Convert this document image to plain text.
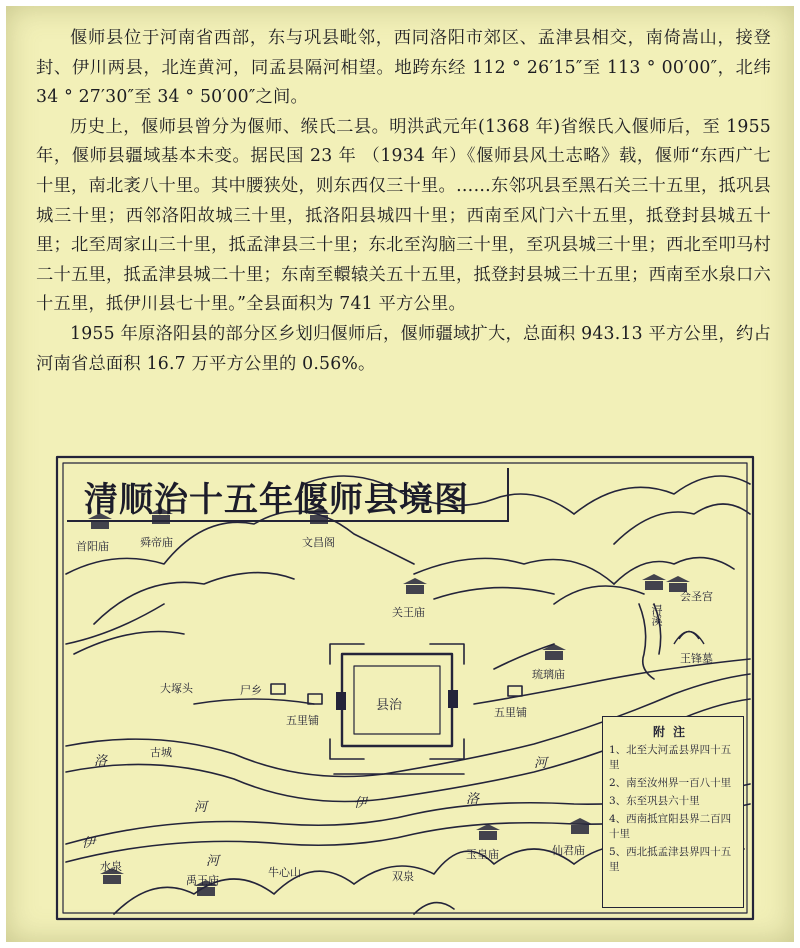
偃师县位于河南省西部，东与巩县毗邻，西同洛阳市郊区、孟津县相交，南倚嵩山，接登封、伊川两县，北连黄河，同孟县隔河相望。地跨东经 112 ° 26′15″至 113 ° 00′00″，北纬 34 ° 27′30″至 34 ° 50′00″之间。

历史上，偃师县曾分为偃师、缑氏二县。明洪武元年(1368 年)省缑氏入偃师后，至 1955 年，偃师县疆域基本未变。据民国 23 年 （1934 年）《偃师县风土志略》载，偃师“东西广七十里，南北袤八十里。其中腰狭处，则东西仅三十里。……东邻巩县至黑石关三十五里，抵巩县城三十里；西邻洛阳故城三十里，抵洛阳县城四十里；西南至风门六十五里，抵登封县城五十里；北至周家山三十里，抵孟津县三十里；东北至沟脑三十里，至巩县城三十里；西北至叩马村二十五里，抵孟津县城二十里；东南至轘辕关五十五里，抵登封县城三十五里；西南至水泉口六十五里，抵伊川县七十里。”全县面积为 741 平方公里。

1955 年原洛阳县的部分区乡划归偃师后，偃师疆域扩大，总面积 943.13 平方公里，约占河南省总面积 16.7 万平方公里的 0.56%。

清顺治十五年偃师县境图
首阳庙	舜帝庙	文昌阁
关王庙
会圣宫
浔溪
王锋墓
琉璃庙
大塚头	尸乡
五里铺
五里铺
县治
古城
玉皇庙	仙君庙
水泉
禹王庙
牛心山	双泉
洛
河	伊	洛
河
伊
河
附注
1、北至大河孟县界四十五里
2、南至汝州界一百八十里
3、东至巩县六十里
4、西南抵宜阳县界二百四十里
5、西北抵孟津县界四十五里
